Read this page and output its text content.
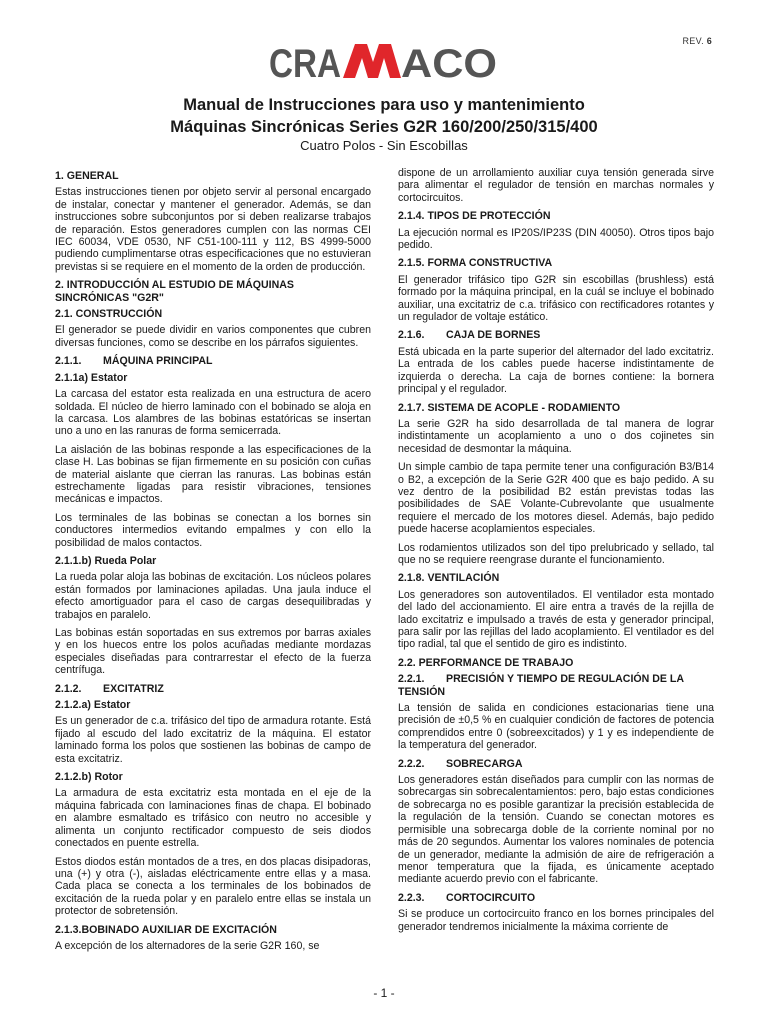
REV. 6
CRA ACO
Manual de Instrucciones para uso y mantenimiento
Máquinas Sincrónicas Series G2R 160/200/250/315/400
Cuatro Polos - Sin Escobillas
1. GENERAL

Estas instrucciones tienen por objeto servir al personal encargado de instalar, conectar y mantener el generador. Además, se dan instrucciones sobre subconjuntos por si deben realizarse trabajos de reparación. Estos generadores cumplen con las normas CEI IEC 60034, VDE 0530, NF C51-100-111 y 112, BS 4999-5000 pudiendo cumplimentarse otras especificaciones que no estuvieran previstas si se requiere en el momento de la orden de producción.

2. INTRODUCCIÓN AL ESTUDIO DE MÁQUINAS SINCRÓNICAS "G2R"
2.1. CONSTRUCCIÓN

El generador se puede dividir en varios componentes que cubren diversas funciones, como se describe en los párrafos siguientes.

2.1.1. MÁQUINA PRINCIPAL
2.1.1a) Estator

La carcasa del estator esta realizada en una estructura de acero soldada. El núcleo de hierro laminado con el bobinado se aloja en la carcasa. Los alambres de las bobinas estatóricas se insertan uno a uno en las ranuras de forma semicerrada.

La aislación de las bobinas responde a las especificaciones de la clase H. Las bobinas se fijan firmemente en su posición con cuñas de material aislante que cierran las ranuras. Las bobinas están estrechamente ligadas para resistir vibraciones, tensiones mecánicas e impactos.

Los terminales de las bobinas se conectan a los bornes sin conductores intermedios evitando empalmes y con ello la posibilidad de malos contactos.

2.1.1.b) Rueda Polar

La rueda polar aloja las bobinas de excitación. Los núcleos polares están formados por laminaciones apiladas. Una jaula induce el efecto amortiguador para el caso de cargas desequilibradas y trabajos en paralelo.

Las bobinas están soportadas en sus extremos por barras axiales y en los huecos entre los polos acuñadas mediante mordazas especiales diseñadas para contrarrestar el efecto de la fuerza centrífuga.

2.1.2. EXCITATRIZ
2.1.2.a) Estator

Es un generador de c.a. trifásico del tipo de armadura rotante. Está fijado al escudo del lado excitatriz de la máquina. El estator laminado forma los polos que sostienen las bobinas de campo de esta excitatriz.

2.1.2.b) Rotor

La armadura de esta excitatriz esta montada en el eje de la máquina fabricada con laminaciones finas de chapa. El bobinado en alambre esmaltado es trifásico con neutro no accesible y alimenta un conjunto rectificador compuesto de seis diodos conectados en puente estrella.

Estos diodos están montados de a tres, en dos placas disipadoras, una (+) y otra (-), aisladas eléctricamente entre ellas y a masa. Cada placa se conecta a los terminales de los bobinados de excitación de la rueda polar y en paralelo entre ellas se instala un protector de sobretensión.

2.1.3.BOBINADO AUXILIAR DE EXCITACIÓN

A excepción de los alternadores de la serie G2R 160, se

dispone de un arrollamiento auxiliar cuya tensión generada sirve para alimentar el regulador de tensión en marchas normales y cortocircuitos.

2.1.4. TIPOS DE PROTECCIÓN

La ejecución normal es IP20S/IP23S (DIN 40050). Otros tipos bajo pedido.

2.1.5. FORMA CONSTRUCTIVA

El generador trifásico tipo G2R sin escobillas (brushless) está formado por la máquina principal, en la cuál se incluye el bobinado auxiliar, una excitatriz de c.a. trifásico con rectificadores rotantes y un regulador de voltaje estático.

2.1.6. CAJA DE BORNES

Está ubicada en la parte superior del alternador del lado excitatriz. La entrada de los cables puede hacerse indistintamente de izquierda o derecha. La caja de bornes contiene: la bornera principal y el regulador.

2.1.7. SISTEMA DE ACOPLE - RODAMIENTO

La serie G2R ha sido desarrollada de tal manera de lograr indistintamente un acoplamiento a uno o dos cojinetes sin necesidad de desmontar la máquina.

Un simple cambio de tapa permite tener una configuración B3/B14 o B2, a excepción de la Serie G2R 400 que es bajo pedido. A su vez dentro de la posibilidad B2 están previstas todas las posibilidades de SAE Volante-Cubrevolante que usualmente requiere el mercado de los motores diesel. Además, bajo pedido puede hacerse acoplamientos especiales.

Los rodamientos utilizados son del tipo prelubricado y sellado, tal que no se requiere reengrase durante el funcionamiento.

2.1.8. VENTILACIÓN

Los generadores son autoventilados. El ventilador esta montado del lado del accionamiento. El aire entra a través de la rejilla de lado excitatriz e impulsado a través de esta y generador principal, para salir por las rejillas del lado acoplamiento. El ventilador es del tipo radial, tal que el sentido de giro es indistinto.

2.2. PERFORMANCE DE TRABAJO
2.2.1. PRECISIÓN Y TIEMPO DE REGULACIÓN DE LA TENSIÓN

La tensión de salida en condiciones estacionarias tiene una precisión de ±0,5 % en cualquier condición de factores de potencia comprendidos entre 0 (sobreexcitados) y 1 y es independiente de la temperatura del generador.

2.2.2. SOBRECARGA

Los generadores están diseñados para cumplir con las normas de sobrecargas sin sobrecalentamientos: pero, bajo estas condiciones de sobrecarga no es posible garantizar la precisión establecida de la regulación de la tensión. Cuando se conectan motores es permisible una sobrecarga doble de la corriente nominal por no más de 20 segundos. Aumentar los valores nominales de potencia de un generador, mediante la admisión de aire de refrigeración a menor temperatura que la fijada, es únicamente aceptado mediante acuerdo previo con el fabricante.

2.2.3. CORTOCIRCUITO

Si se produce un cortocircuito franco en los bornes principales del generador tendremos inicialmente la máxima corriente de

- 1 -
